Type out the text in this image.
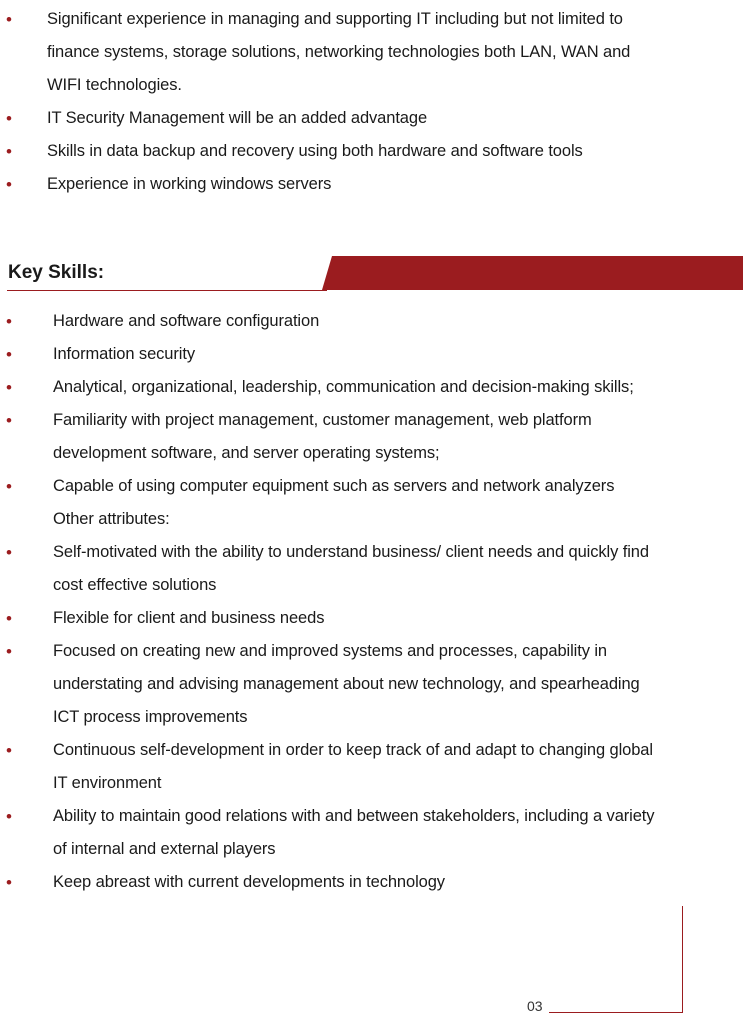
• Significant experience in managing and supporting IT including but not limited to
finance systems, storage solutions, networking technologies both LAN, WAN and
WIFI technologies.
• IT Security Management will be an added advantage
• Skills in data backup and recovery using both hardware and software tools
• Experience in working windows servers
Key Skills:
• Hardware and software configuration
• Information security
• Analytical, organizational, leadership, communication and decision-making skills;
• Familiarity with project management, customer management, web platform
development software, and server operating systems;
• Capable of using computer equipment such as servers and network analyzers
Other attributes:
• Self-motivated with the ability to understand business/ client needs and quickly find
cost effective solutions
• Flexible for client and business needs
• Focused on creating new and improved systems and processes, capability in
understating and advising management about new technology, and spearheading
ICT process improvements
• Continuous self-development in order to keep track of and adapt to changing global
IT environment
• Ability to maintain good relations with and between stakeholders, including a variety
of internal and external players
• Keep abreast with current developments in technology
03
